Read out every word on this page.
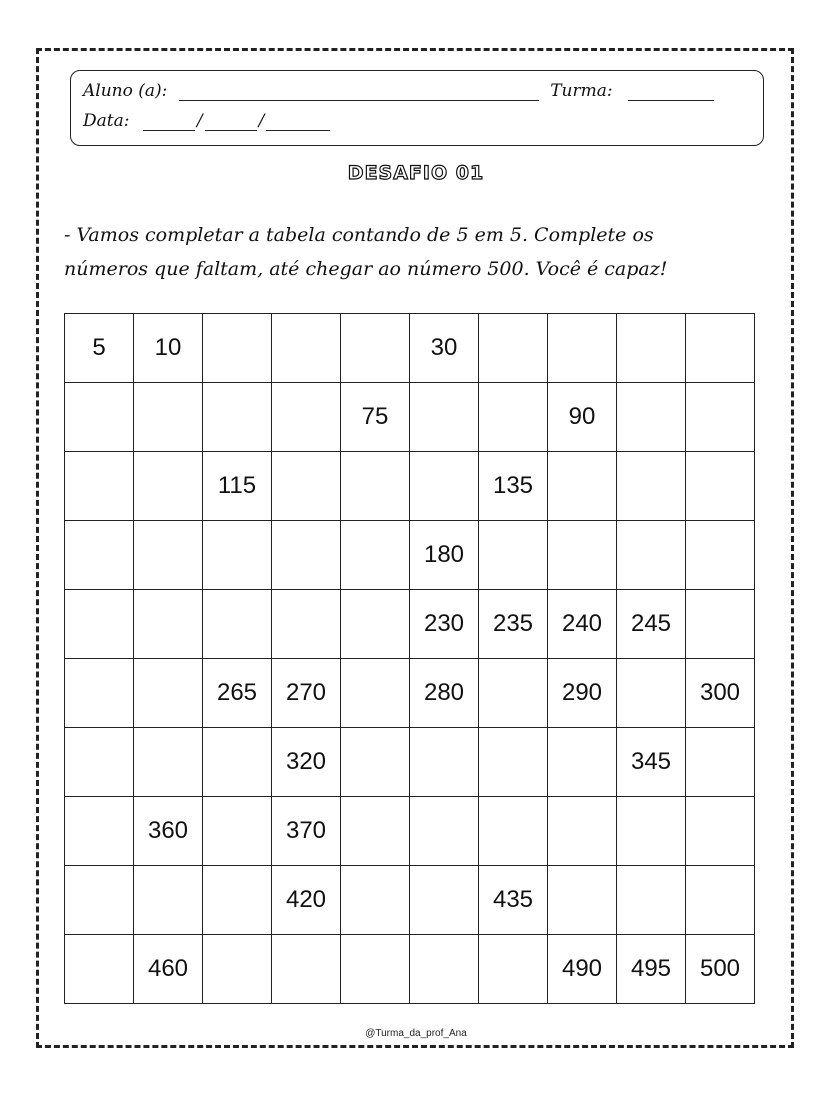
Aluno (a):	Turma:
Data:	/	/
DESAFIO 01
- Vamos completar a tabela contando de 5 em 5. Complete os
números que faltam, até chegar ao número 500. Você é capaz!
5	10				30				
				75			90		
		115				135			
					180				
					230	235	240	245	
		265	270		280		290		300
			320					345	
	360		370						
			420			435			
	460						490	495	500
@Turma_da_prof_Ana
